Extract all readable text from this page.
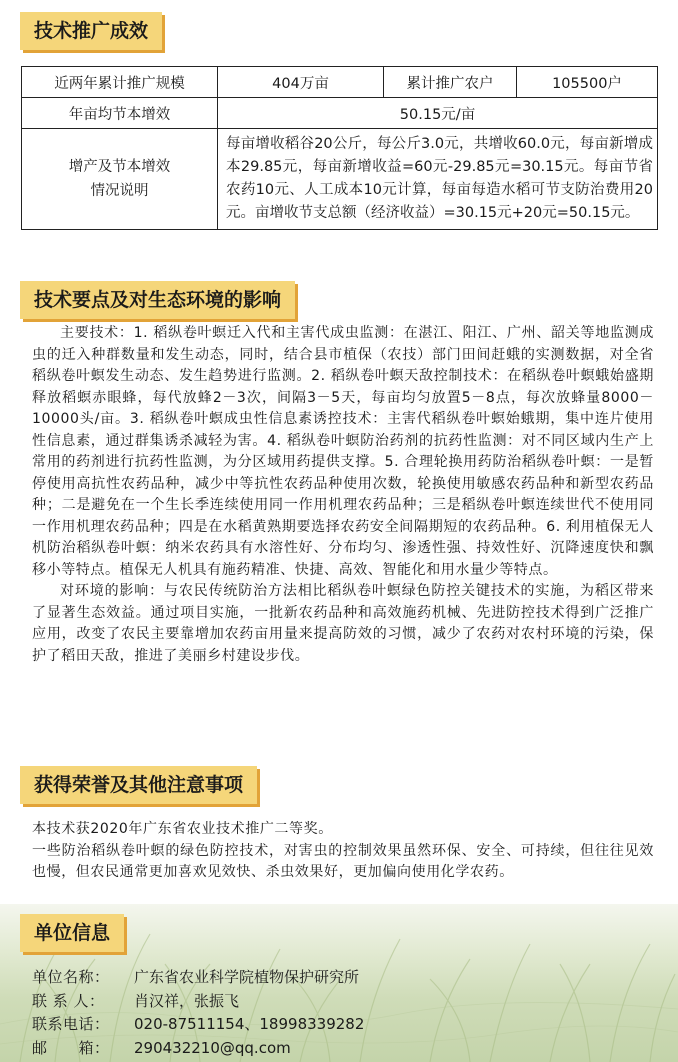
技术推广成效
近两年累计推广规模	404万亩	累计推广农户	105500户
年亩均节本增效	50.15元/亩		

增产及节本增效
情况说明	每亩增收稻谷20公斤，每公斤3.0元，共增收60.0元，每亩新增成本29.85元，每亩新增收益=60元-29.85元=30.15元。每亩节省农药10元、人工成本10元计算，每亩每造水稻可节支防治费用20元。亩增收节支总额（经济收益）=30.15元+20元=50.15元。		
技术要点及对生态环境的影响

主要技术：1. 稻纵卷叶螟迁入代和主害代成虫监测：在湛江、阳江、广州、韶关等地监测成虫的迁入种群数量和发生动态，同时，结合县市植保（农技）部门田间赶蛾的实测数据，对全省稻纵卷叶螟发生动态、发生趋势进行监测。2. 稻纵卷叶螟天敌控制技术：在稻纵卷叶螟蛾始盛期释放稻螟赤眼蜂，每代放蜂2－3次，间隔3－5天，每亩均匀放置5－8点，每次放蜂量8000－10000头/亩。3. 稻纵卷叶螟成虫性信息素诱控技术：主害代稻纵卷叶螟始蛾期，集中连片使用性信息素，通过群集诱杀减轻为害。4. 稻纵卷叶螟防治药剂的抗药性监测：对不同区域内生产上常用的药剂进行抗药性监测，为分区域用药提供支撑。5. 合理轮换用药防治稻纵卷叶螟：一是暂停使用高抗性农药品种，减少中等抗性农药品种使用次数，轮换使用敏感农药品种和新型农药品种；二是避免在一个生长季连续使用同一作用机理农药品种；三是稻纵卷叶螟连续世代不使用同一作用机理农药品种；四是在水稻黄熟期要选择农药安全间隔期短的农药品种。6. 利用植保无人机防治稻纵卷叶螟：纳米农药具有水溶性好、分布均匀、渗透性强、持效性好、沉降速度快和飘移小等特点。植保无人机具有施药精准、快捷、高效、智能化和用水量少等特点。

对环境的影响：与农民传统防治方法相比稻纵卷叶螟绿色防控关键技术的实施，为稻区带来了显著生态效益。通过项目实施，一批新农药品种和高效施药机械、先进防控技术得到广泛推广应用，改变了农民主要靠增加农药亩用量来提高防效的习惯，减少了农药对农村环境的污染，保护了稻田天敌，推进了美丽乡村建设步伐。

获得荣誉及其他注意事项

本技术获2020年广东省农业技术推广二等奖。

一些防治稻纵卷叶螟的绿色防控技术，对害虫的控制效果虽然环保、安全、可持续，但往往见效也慢，但农民通常更加喜欢见效快、杀虫效果好，更加偏向使用化学农药。

单位信息
单位名称：	广东省农业科学院植物保护研究所
联 系 人：	肖汉祥，张振飞
联系电话：	020-87511154、18998339282
邮　　箱：	290432210@qq.com
